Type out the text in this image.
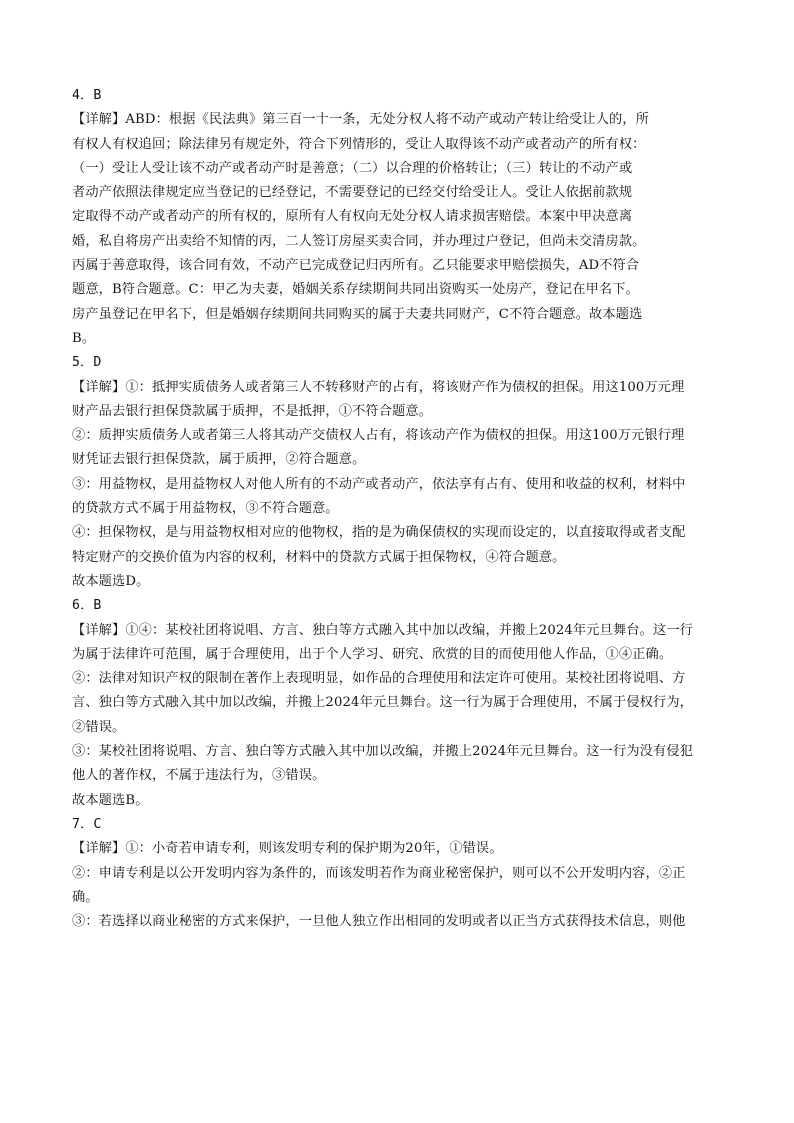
4．B
【详解】ABD：根据《民法典》第三百一十一条，无处分权人将不动产或动产转让给受让人的，所
有权人有权追回；除法律另有规定外，符合下列情形的，受让人取得该不动产或者动产的所有权：
（一）受让人受让该不动产或者动产时是善意；（二）以合理的价格转让；（三）转让的不动产或
者动产依照法律规定应当登记的已经登记，不需要登记的已经交付给受让人。受让人依据前款规
定取得不动产或者动产的所有权的，原所有人有权向无处分权人请求损害赔偿。本案中甲决意离
婚，私自将房产出卖给不知情的丙，二人签订房屋买卖合同，并办理过户登记，但尚未交清房款。
丙属于善意取得，该合同有效，不动产已完成登记归丙所有。乙只能要求甲赔偿损失，AD不符合
题意，B符合题意。C：甲乙为夫妻，婚姻关系存续期间共同出资购买一处房产，登记在甲名下。
房产虽登记在甲名下，但是婚姻存续期间共同购买的属于夫妻共同财产，C不符合题意。故本题选
B。
5．D
【详解】①：抵押实质债务人或者第三人不转移财产的占有，将该财产作为债权的担保。用这100万元理
财产品去银行担保贷款属于质押，不是抵押，①不符合题意。
②：质押实质债务人或者第三人将其动产交债权人占有，将该动产作为债权的担保。用这100万元银行理
财凭证去银行担保贷款，属于质押，②符合题意。
③：用益物权，是用益物权人对他人所有的不动产或者动产，依法享有占有、使用和收益的权利，材料中
的贷款方式不属于用益物权，③不符合题意。
④：担保物权，是与用益物权相对应的他物权，指的是为确保债权的实现而设定的，以直接取得或者支配
特定财产的交换价值为内容的权利，材料中的贷款方式属于担保物权，④符合题意。
故本题选D。
6．B
【详解】①④：某校社团将说唱、方言、独白等方式融入其中加以改编，并搬上2024年元旦舞台。这一行
为属于法律许可范围，属于合理使用，出于个人学习、研究、欣赏的目的而使用他人作品，①④正确。
②：法律对知识产权的限制在著作上表现明显，如作品的合理使用和法定许可使用。某校社团将说唱、方
言、独白等方式融入其中加以改编，并搬上2024年元旦舞台。这一行为属于合理使用，不属于侵权行为，
②错误。
③：某校社团将说唱、方言、独白等方式融入其中加以改编，并搬上2024年元旦舞台。这一行为没有侵犯
他人的著作权，不属于违法行为，③错误。
故本题选B。
7．C
【详解】①：小奇若申请专利，则该发明专利的保护期为20年，①错误。
②：申请专利是以公开发明内容为条件的，而该发明若作为商业秘密保护，则可以不公开发明内容，②正
确。
③：若选择以商业秘密的方式来保护，一旦他人独立作出相同的发明或者以正当方式获得技术信息，则他
